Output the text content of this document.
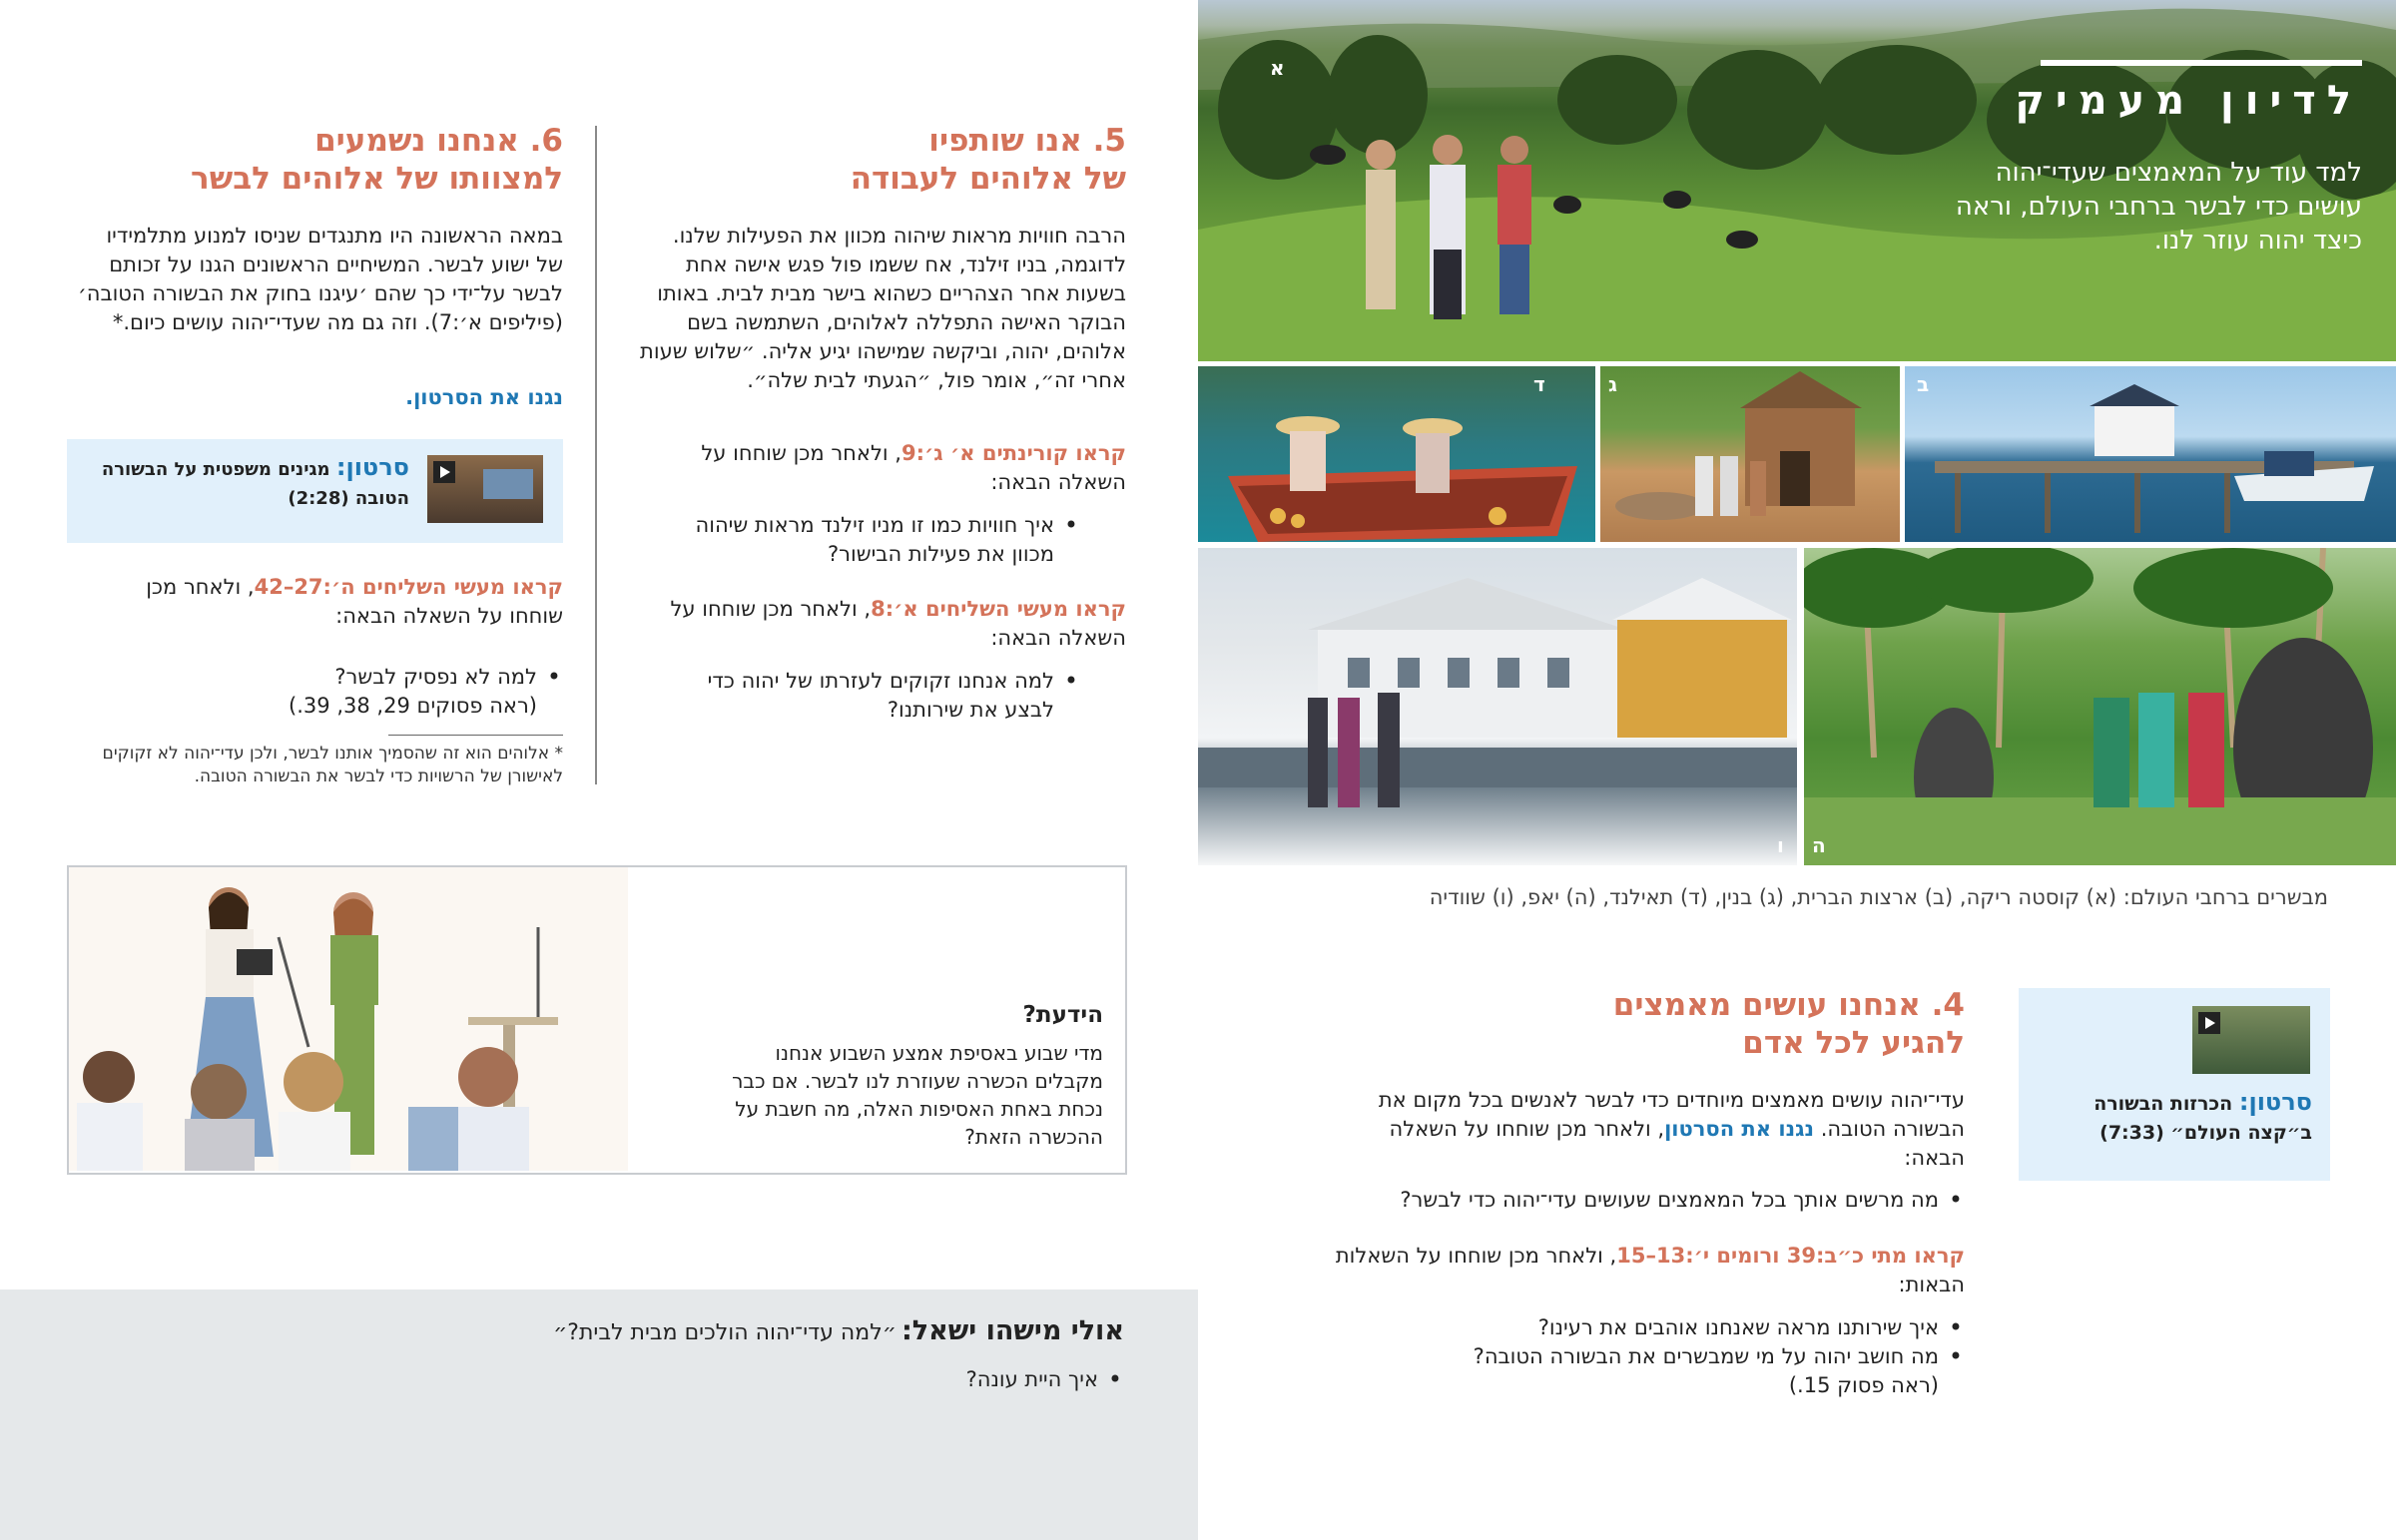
א
לדיון מעמיק
למד עוד על המאמצים שעדי־יהוה עושים כדי לבשר ברחבי העולם, וראה כיצד יהוה עוזר לנו.
ב
ג
ד
ה
ו
מבשרים ברחבי העולם: (א) קוסטה ריקה, (ב) ארצות הברית, (ג) בנין, (ד) תאילנד, (ה) יאפ, (ו) שוודיה
4. אנחנו עושים מאמצים
להגיע לכל אדם

עדי־יהוה עושים מאמצים מיוחדים כדי לבשר לאנשים בכל מקום את הבשורה הטובה. נגנו את הסרטון, ולאחר מכן שוחחו על השאלה הבאה:

• מה מרשים אותך בכל המאמצים שעושים עדי־יהוה כדי לבשר?

קראו מתי כ״ב:39 ורומים י׳:13–15, ולאחר מכן שוחחו על השאלות הבאות:

• איך שירותנו מראה שאנחנו אוהבים את רעינו?
• מה חושב יהוה על מי שמבשרים את הבשורה הטובה?
(ראה פסוק 15.)
סרטון: הכרזות הבשורה ב״קצה העולם״ (7:33)
5. אנו שותפיו
של אלוהים לעבודה

הרבה חוויות מראות שיהוה מכוון את הפעילות שלנו. לדוגמה, בניו זילנד, אח ששמו פול פגש אישה אחת בשעות אחר הצהריים כשהוא בישר מבית לבית. באותו הבוקר האישה התפללה לאלוהים, השתמשה בשם אלוהים, יהוה, וביקשה שמישהו יגיע אליה. ״שלוש שעות אחרי זה״, אומר פול, ״הגעתי לבית שלה״.

קראו קורינתים א׳ ג׳:9, ולאחר מכן שוחחו על השאלה הבאה:

• איך חוויות כמו זו מניו זילנד מראות שיהוה מכוון את פעילות הבישור?

קראו מעשי השליחים א׳:8, ולאחר מכן שוחחו על השאלה הבאה:

• למה אנחנו זקוקים לעזרתו של יהוה כדי לבצע את שירותנו?
6. אנחנו נשמעים
למצוותו של אלוהים לבשר

במאה הראשונה היו מתנגדים שניסו למנוע מתלמידיו של ישוע לבשר. המשיחיים הראשונים הגנו על זכותם לבשר על־ידי כך שהם ׳עיגנו בחוק את הבשורה הטובה׳ (פיליפים א׳:7). וזה גם מה שעדי־יהוה עושים כיום.*

נגנו את הסרטון.
סרטון: מגינים משפטית על הבשורה הטובה (2:28)

קראו מעשי השליחים ה׳:27–42, ולאחר מכן שוחחו על השאלה הבאה:

• למה לא נפסיק לבשר?
(ראה פסוקים 29, 38, 39.)

* אלוהים הוא זה שהסמיך אותנו לבשר, ולכן עדי־יהוה לא זקוקים לאישורן של הרשויות כדי לבשר את הבשורה הטובה.

הידעת?

מדי שבוע באסיפת אמצע השבוע אנחנו מקבלים הכשרה שעוזרת לנו לבשר. אם כבר נכחת באחת האסיפות האלה, מה חשבת על ההכשרה הזאת?

אולי מישהו ישאל: ״למה עדי־יהוה הולכים מבית לבית?״
• איך היית עונה?
